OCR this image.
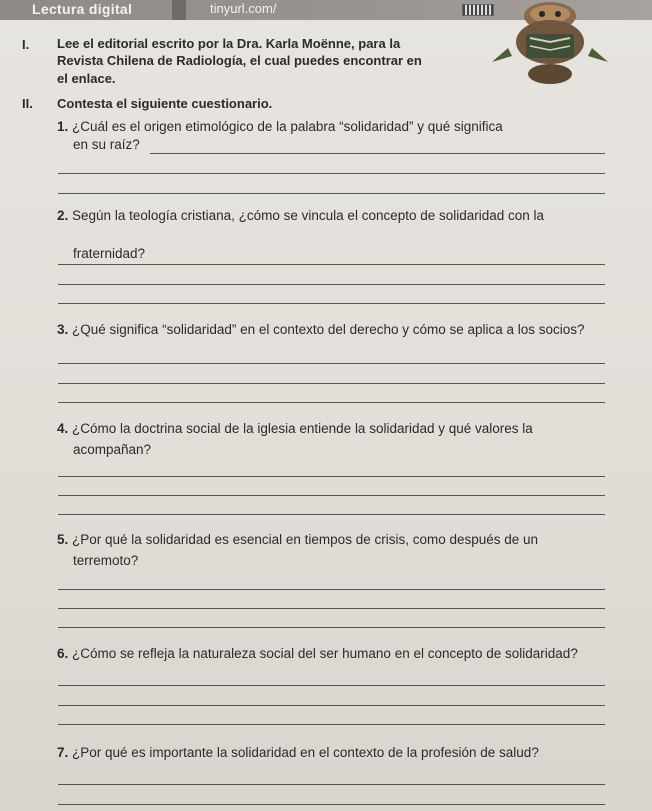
Lectura digital	tinyurl.com/
I. Lee el editorial escrito por la Dra. Karla Moënne, para la
Revista Chilena de Radiología, el cual puedes encontrar en
el enlace.
II. Contesta el siguiente cuestionario.
1. ¿Cuál es el origen etimológico de la palabra “solidaridad” y qué significa
en su raíz?
2. Según la teología cristiana, ¿cómo se vincula el concepto de solidaridad con la
fraternidad?
3. ¿Qué significa “solidaridad” en el contexto del derecho y cómo se aplica a los socios?
4. ¿Cómo la doctrina social de la iglesia entiende la solidaridad y qué valores la
acompañan?
5. ¿Por qué la solidaridad es esencial en tiempos de crisis, como después de un
terremoto?
6. ¿Cómo se refleja la naturaleza social del ser humano en el concepto de solidaridad?
7. ¿Por qué es importante la solidaridad en el contexto de la profesión de salud?
